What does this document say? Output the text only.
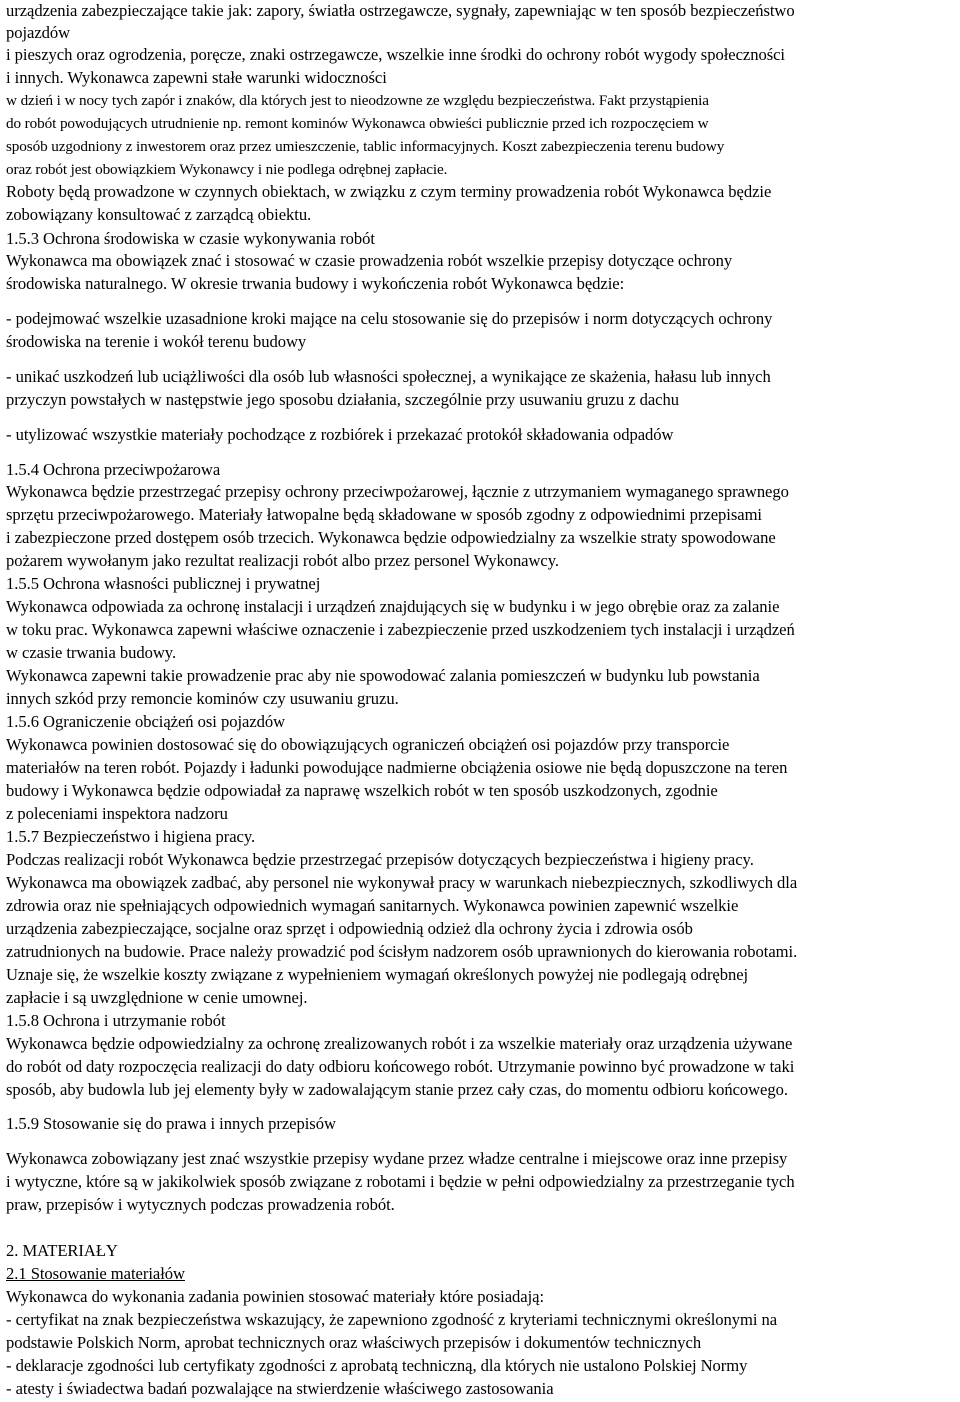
urządzenia zabezpieczające takie jak: zapory, światła ostrzegawcze, sygnały, zapewniając w ten sposób bezpieczeństwo
pojazdów
i pieszych oraz ogrodzenia, poręcze, znaki ostrzegawcze, wszelkie inne środki do ochrony robót wygody społeczności
i innych. Wykonawca zapewni stałe warunki widoczności
w dzień i w nocy tych zapór i znaków, dla których jest to nieodzowne ze względu bezpieczeństwa. Fakt przystąpienia
do robót powodujących utrudnienie np. remont kominów Wykonawca obwieści publicznie przed ich rozpoczęciem w
sposób uzgodniony z inwestorem oraz przez umieszczenie, tablic informacyjnych. Koszt zabezpieczenia terenu budowy
oraz robót jest obowiązkiem Wykonawcy i nie podlega odrębnej zapłacie.
Roboty będą prowadzone w czynnych obiektach, w związku z czym terminy prowadzenia robót Wykonawca będzie
zobowiązany konsultować z zarządcą obiektu.
1.5.3 Ochrona środowiska w czasie wykonywania robót
Wykonawca ma obowiązek znać i stosować w czasie prowadzenia robót wszelkie przepisy dotyczące ochrony
środowiska naturalnego. W okresie trwania budowy i wykończenia robót Wykonawca będzie:
- podejmować wszelkie uzasadnione kroki mające na celu stosowanie się do przepisów i norm dotyczących ochrony
środowiska na terenie i wokół terenu budowy
- unikać uszkodzeń lub uciążliwości dla osób lub własności społecznej, a wynikające ze skażenia, hałasu lub innych
przyczyn powstałych w następstwie jego sposobu działania, szczególnie przy usuwaniu gruzu z dachu
- utylizować wszystkie materiały pochodzące z rozbiórek i przekazać protokół składowania odpadów
1.5.4 Ochrona przeciwpożarowa
Wykonawca będzie przestrzegać przepisy ochrony przeciwpożarowej, łącznie z utrzymaniem wymaganego sprawnego
sprzętu przeciwpożarowego. Materiały łatwopalne będą składowane w sposób zgodny z odpowiednimi przepisami
i zabezpieczone przed dostępem osób trzecich. Wykonawca będzie odpowiedzialny za wszelkie straty spowodowane
pożarem wywołanym jako rezultat realizacji robót albo przez personel Wykonawcy.
1.5.5 Ochrona własności publicznej i prywatnej
Wykonawca odpowiada za ochronę instalacji i urządzeń znajdujących się w budynku i w jego obrębie oraz za zalanie
w toku prac. Wykonawca zapewni właściwe oznaczenie i zabezpieczenie przed uszkodzeniem tych instalacji i urządzeń
w czasie trwania budowy.
Wykonawca zapewni takie prowadzenie prac aby nie spowodować zalania pomieszczeń w budynku lub powstania
innych szkód przy remoncie kominów czy usuwaniu gruzu.
1.5.6 Ograniczenie obciążeń osi pojazdów
Wykonawca powinien dostosować się do obowiązujących ograniczeń obciążeń osi pojazdów przy transporcie
materiałów na teren robót. Pojazdy i ładunki powodujące nadmierne obciążenia osiowe nie będą dopuszczone na teren
budowy i Wykonawca będzie odpowiadał za naprawę wszelkich robót w ten sposób uszkodzonych, zgodnie
z poleceniami inspektora nadzoru
1.5.7 Bezpieczeństwo i higiena pracy.
Podczas realizacji robót Wykonawca będzie przestrzegać przepisów dotyczących bezpieczeństwa i higieny pracy.
Wykonawca ma obowiązek zadbać, aby personel nie wykonywał pracy w warunkach niebezpiecznych, szkodliwych dla
zdrowia oraz nie spełniających odpowiednich wymagań sanitarnych. Wykonawca powinien zapewnić wszelkie
urządzenia zabezpieczające, socjalne oraz sprzęt i odpowiednią odzież dla ochrony życia i zdrowia osób
zatrudnionych na budowie. Prace należy prowadzić pod ścisłym nadzorem osób uprawnionych do kierowania robotami.
Uznaje się, że wszelkie koszty związane z wypełnieniem wymagań określonych powyżej nie podlegają odrębnej
zapłacie i są uwzględnione w cenie umownej.
1.5.8 Ochrona i utrzymanie robót
Wykonawca będzie odpowiedzialny za ochronę zrealizowanych robót i za wszelkie materiały oraz urządzenia używane
do robót od daty rozpoczęcia realizacji do daty odbioru końcowego robót. Utrzymanie powinno być prowadzone w taki
sposób, aby budowla lub jej elementy były w zadowalającym stanie przez cały czas, do momentu odbioru końcowego.
1.5.9 Stosowanie się do prawa i innych przepisów
Wykonawca zobowiązany jest znać wszystkie przepisy wydane przez władze centralne i miejscowe oraz inne przepisy
i wytyczne, które są w jakikolwiek sposób związane z robotami i będzie w pełni odpowiedzialny za przestrzeganie tych
praw, przepisów i wytycznych podczas prowadzenia robót.
2. MATERIAŁY
2.1 Stosowanie materiałów
Wykonawca do wykonania zadania powinien stosować materiały które posiadają:
- certyfikat na znak bezpieczeństwa wskazujący, że zapewniono zgodność z kryteriami technicznymi określonymi na
podstawie Polskich Norm, aprobat technicznych oraz właściwych przepisów i dokumentów technicznych
- deklaracje zgodności lub certyfikaty zgodności z aprobatą techniczną, dla których nie ustalono Polskiej Normy
- atesty i świadectwa badań pozwalające na stwierdzenie właściwego zastosowania
